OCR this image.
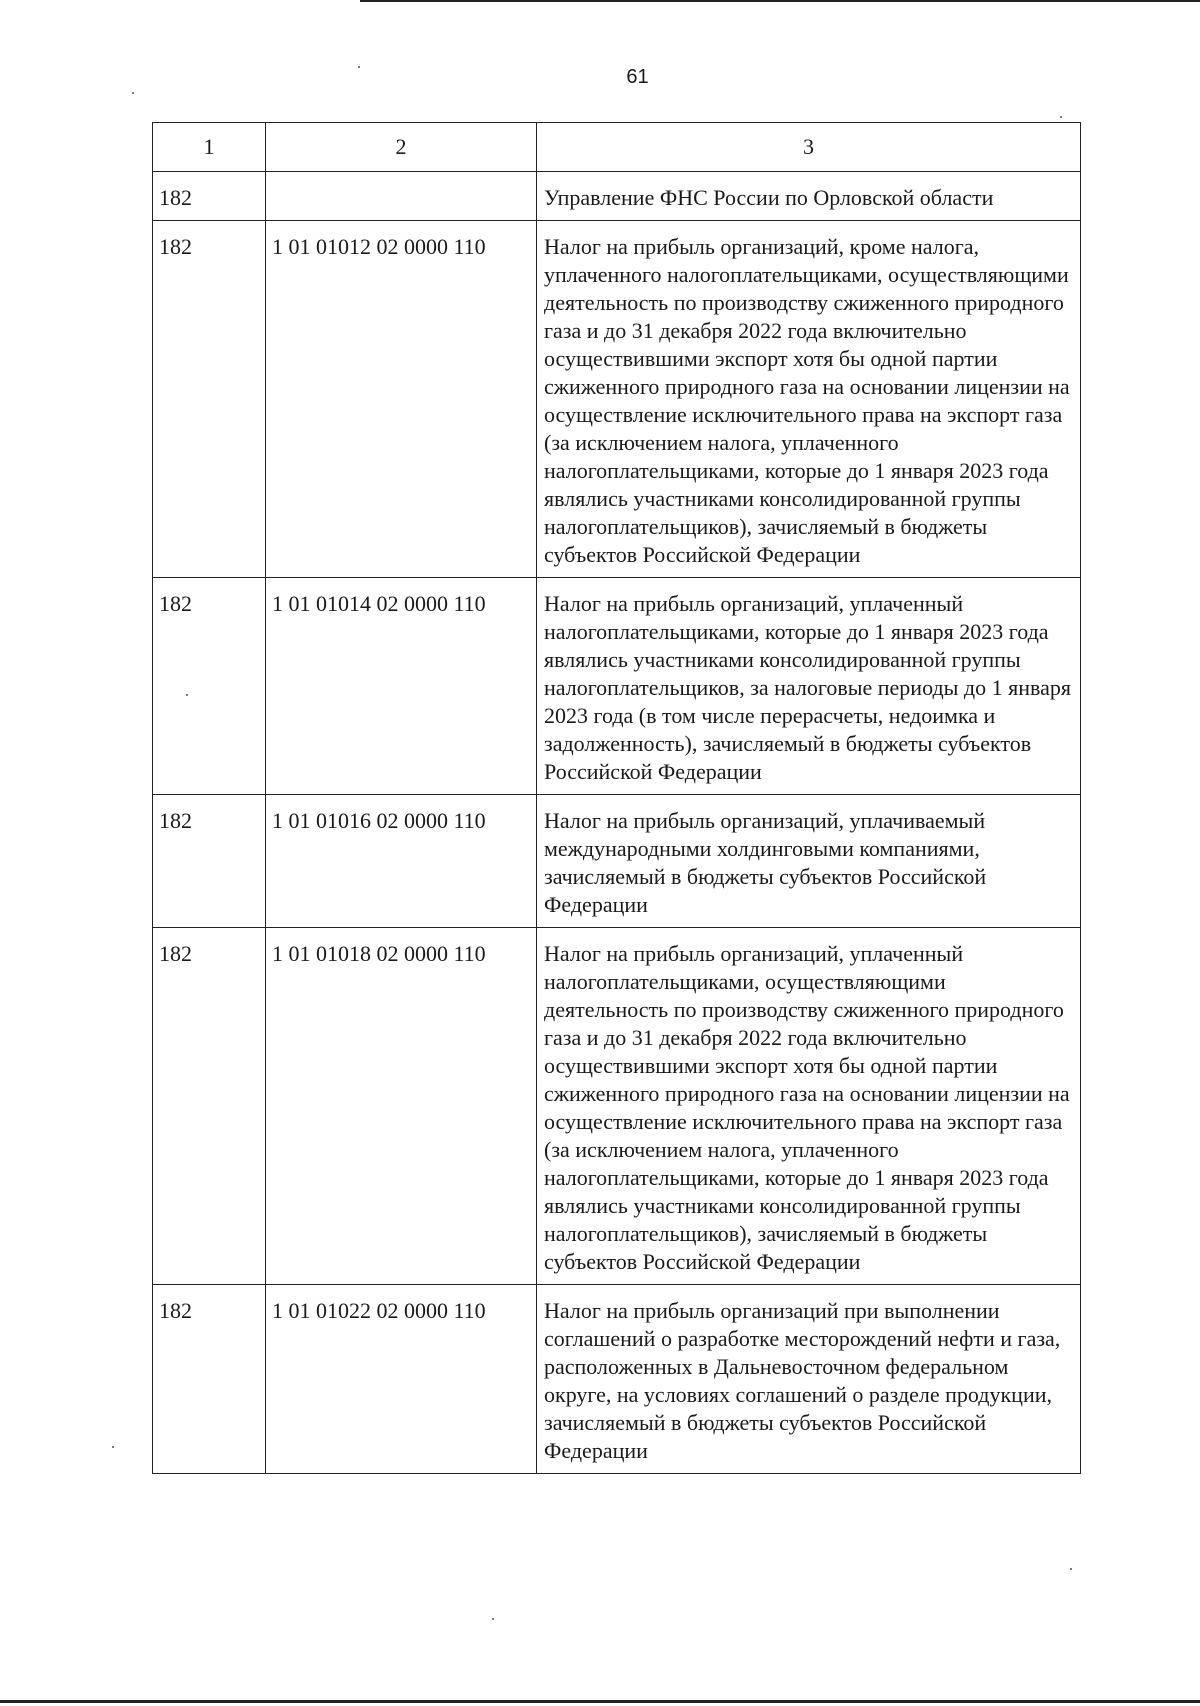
61
1	2	3
182		Управление ФНС России по Орловской области
182	1 01 01012 02 0000 110	Налог на прибыль организаций, кроме налога, уплаченного налогоплательщиками, осуществляющими деятельность по производству сжиженного природного газа и до 31 декабря 2022 года включительно осуществившими экспорт хотя бы одной партии сжиженного природного газа на основании лицензии на осуществление исключительного права на экспорт газа (за исключением налога, уплаченного налогоплательщиками, которые до 1 января 2023 года являлись участниками консолидированной группы налогоплательщиков), зачисляемый в бюджеты субъектов Российской Федерации
182	1 01 01014 02 0000 110	Налог на прибыль организаций, уплаченный налогоплательщиками, которые до 1 января 2023 года являлись участниками консолидированной группы налогоплательщиков, за налоговые периоды до 1 января 2023 года (в том числе перерасчеты, недоимка и задолженность), зачисляемый в бюджеты субъектов Российской Федерации
182	1 01 01016 02 0000 110	Налог на прибыль организаций, уплачиваемый международными холдинговыми компаниями, зачисляемый в бюджеты субъектов Российской Федерации
182	1 01 01018 02 0000 110	Налог на прибыль организаций, уплаченный налогоплательщиками, осуществляющими деятельность по производству сжиженного природного газа и до 31 декабря 2022 года включительно осуществившими экспорт хотя бы одной партии сжиженного природного газа на основании лицензии на осуществление исключительного права на экспорт газа (за исключением налога, уплаченного налогоплательщиками, которые до 1 января 2023 года являлись участниками консолидированной группы налогоплательщиков), зачисляемый в бюджеты субъектов Российской Федерации
182	1 01 01022 02 0000 110	Налог на прибыль организаций при выполнении соглашений о разработке месторождений нефти и газа, расположенных в Дальневосточном федеральном округе, на условиях соглашений о разделе продукции, зачисляемый в бюджеты субъектов Российской Федерации
